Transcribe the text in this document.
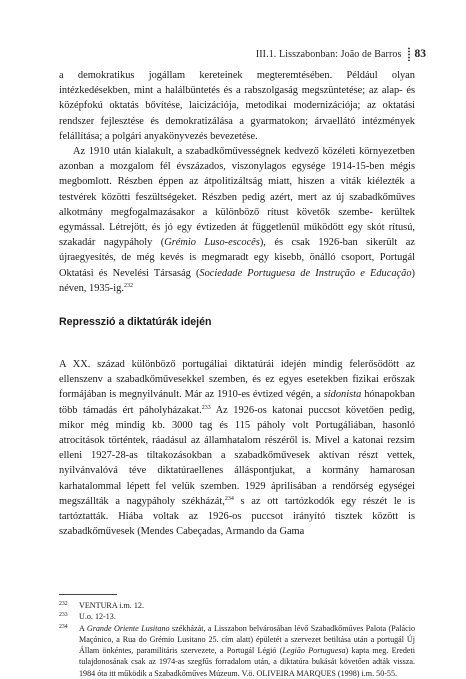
III.1. Lisszabonban: João de Barros 83

a demokratikus jogállam kereteinek megteremtésében. Például olyan intézkedésekben, mint a halálbüntetés és a rabszolgaság megszüntetése; az alap- és középfokú oktatás bővítése, laicizációja, metodikai modernizációja; az oktatási rendszer fejlesztése és demokratizálása a gyarmatokon; árvaellátó intézmények felállítása; a polgári anyakönyvezés bevezetése.

Az 1910 után kialakult, a szabadkőművességnek kedvező közéleti környezetben azonban a mozgalom fél évszázados, viszonylagos egysége 1914-15-ben mégis megbomlott. Részben éppen az átpolitizáltság miatt, hiszen a viták kiélezték a testvérek közötti feszültségeket. Részben pedig azért, mert az új szabadkőműves alkotmány megfogalmazásakor a különböző rítust követők szembe- kerültek egymással. Létrejött, és jó egy évtizeden át függetlenül működött egy skót rítusú, szakadár nagypáholy (Grémio Luso-escocês), és csak 1926-ban sikerült az újraegyesítés, de még kevés is megmaradt egy kisebb, önálló csoport, Portugál Oktatási és Nevelési Társaság (Sociedade Portuguesa de Instrução e Educação) néven, 1935-ig.$^{232}$

Represszió a diktatúrák idején

A XX. század különböző portugáliai diktatúrái idején mindig felerősödött az ellenszenv a szabadkőművesekkel szemben, és ez egyes esetekben fizikai erőszak formájában is megnyilvánult. Már az 1910-es évtized végén, a sidonista hónapokban több támadás ért páholyházakat.$^{233}$ Az 1926-os katonai puccsot követően pedig, mikor még mindig kb. 3000 tag és 115 páholy volt Portugáliában, hasonló atrocitások történtek, ráadásul az államhatalom részéről is. Mivel a katonai rezsim elleni 1927-28-as tiltakozásokban a szabadkőművesek aktívan részt vettek, nyilvánvalóvá téve diktatúraellenes álláspontjukat, a kormány hamarosan karhatalommal lépett fel velük szemben. 1929 áprilisában a rendőrség egységei megszállták a nagypáholy székházát,$^{234}$ s az ott tartózkodók egy részét le is tartóztatták. Hiába voltak az 1926-os puccsot irányító tisztek között is szabadkőművesek (Mendes Cabeçadas, Armando da Gama

232 VENTURA i.m. 12.
233 U.o. 12-13.
234 A Grande Oriente Lusitano székházát, a Lisszabon belvárosában lévő Szabadkőműves Palota (Palácio Maçónico, a Rua do Grémio Lusitano 25. cím alatt) épületét a szervezet betiltása után a portugál Új Állam önkéntes, paramilitáris szervezete, a Portugál Légió (Legião Portuguesa) kapta meg. Eredeti tulajdonosának csak az 1974-as szegfűs forradalom után, a diktatúra bukását követően adták vissza. 1984 óta itt működik a Szabadkőműves Múzeum. V.ö. OLIVEIRA MARQUES (1998) i.m. 50-55.
